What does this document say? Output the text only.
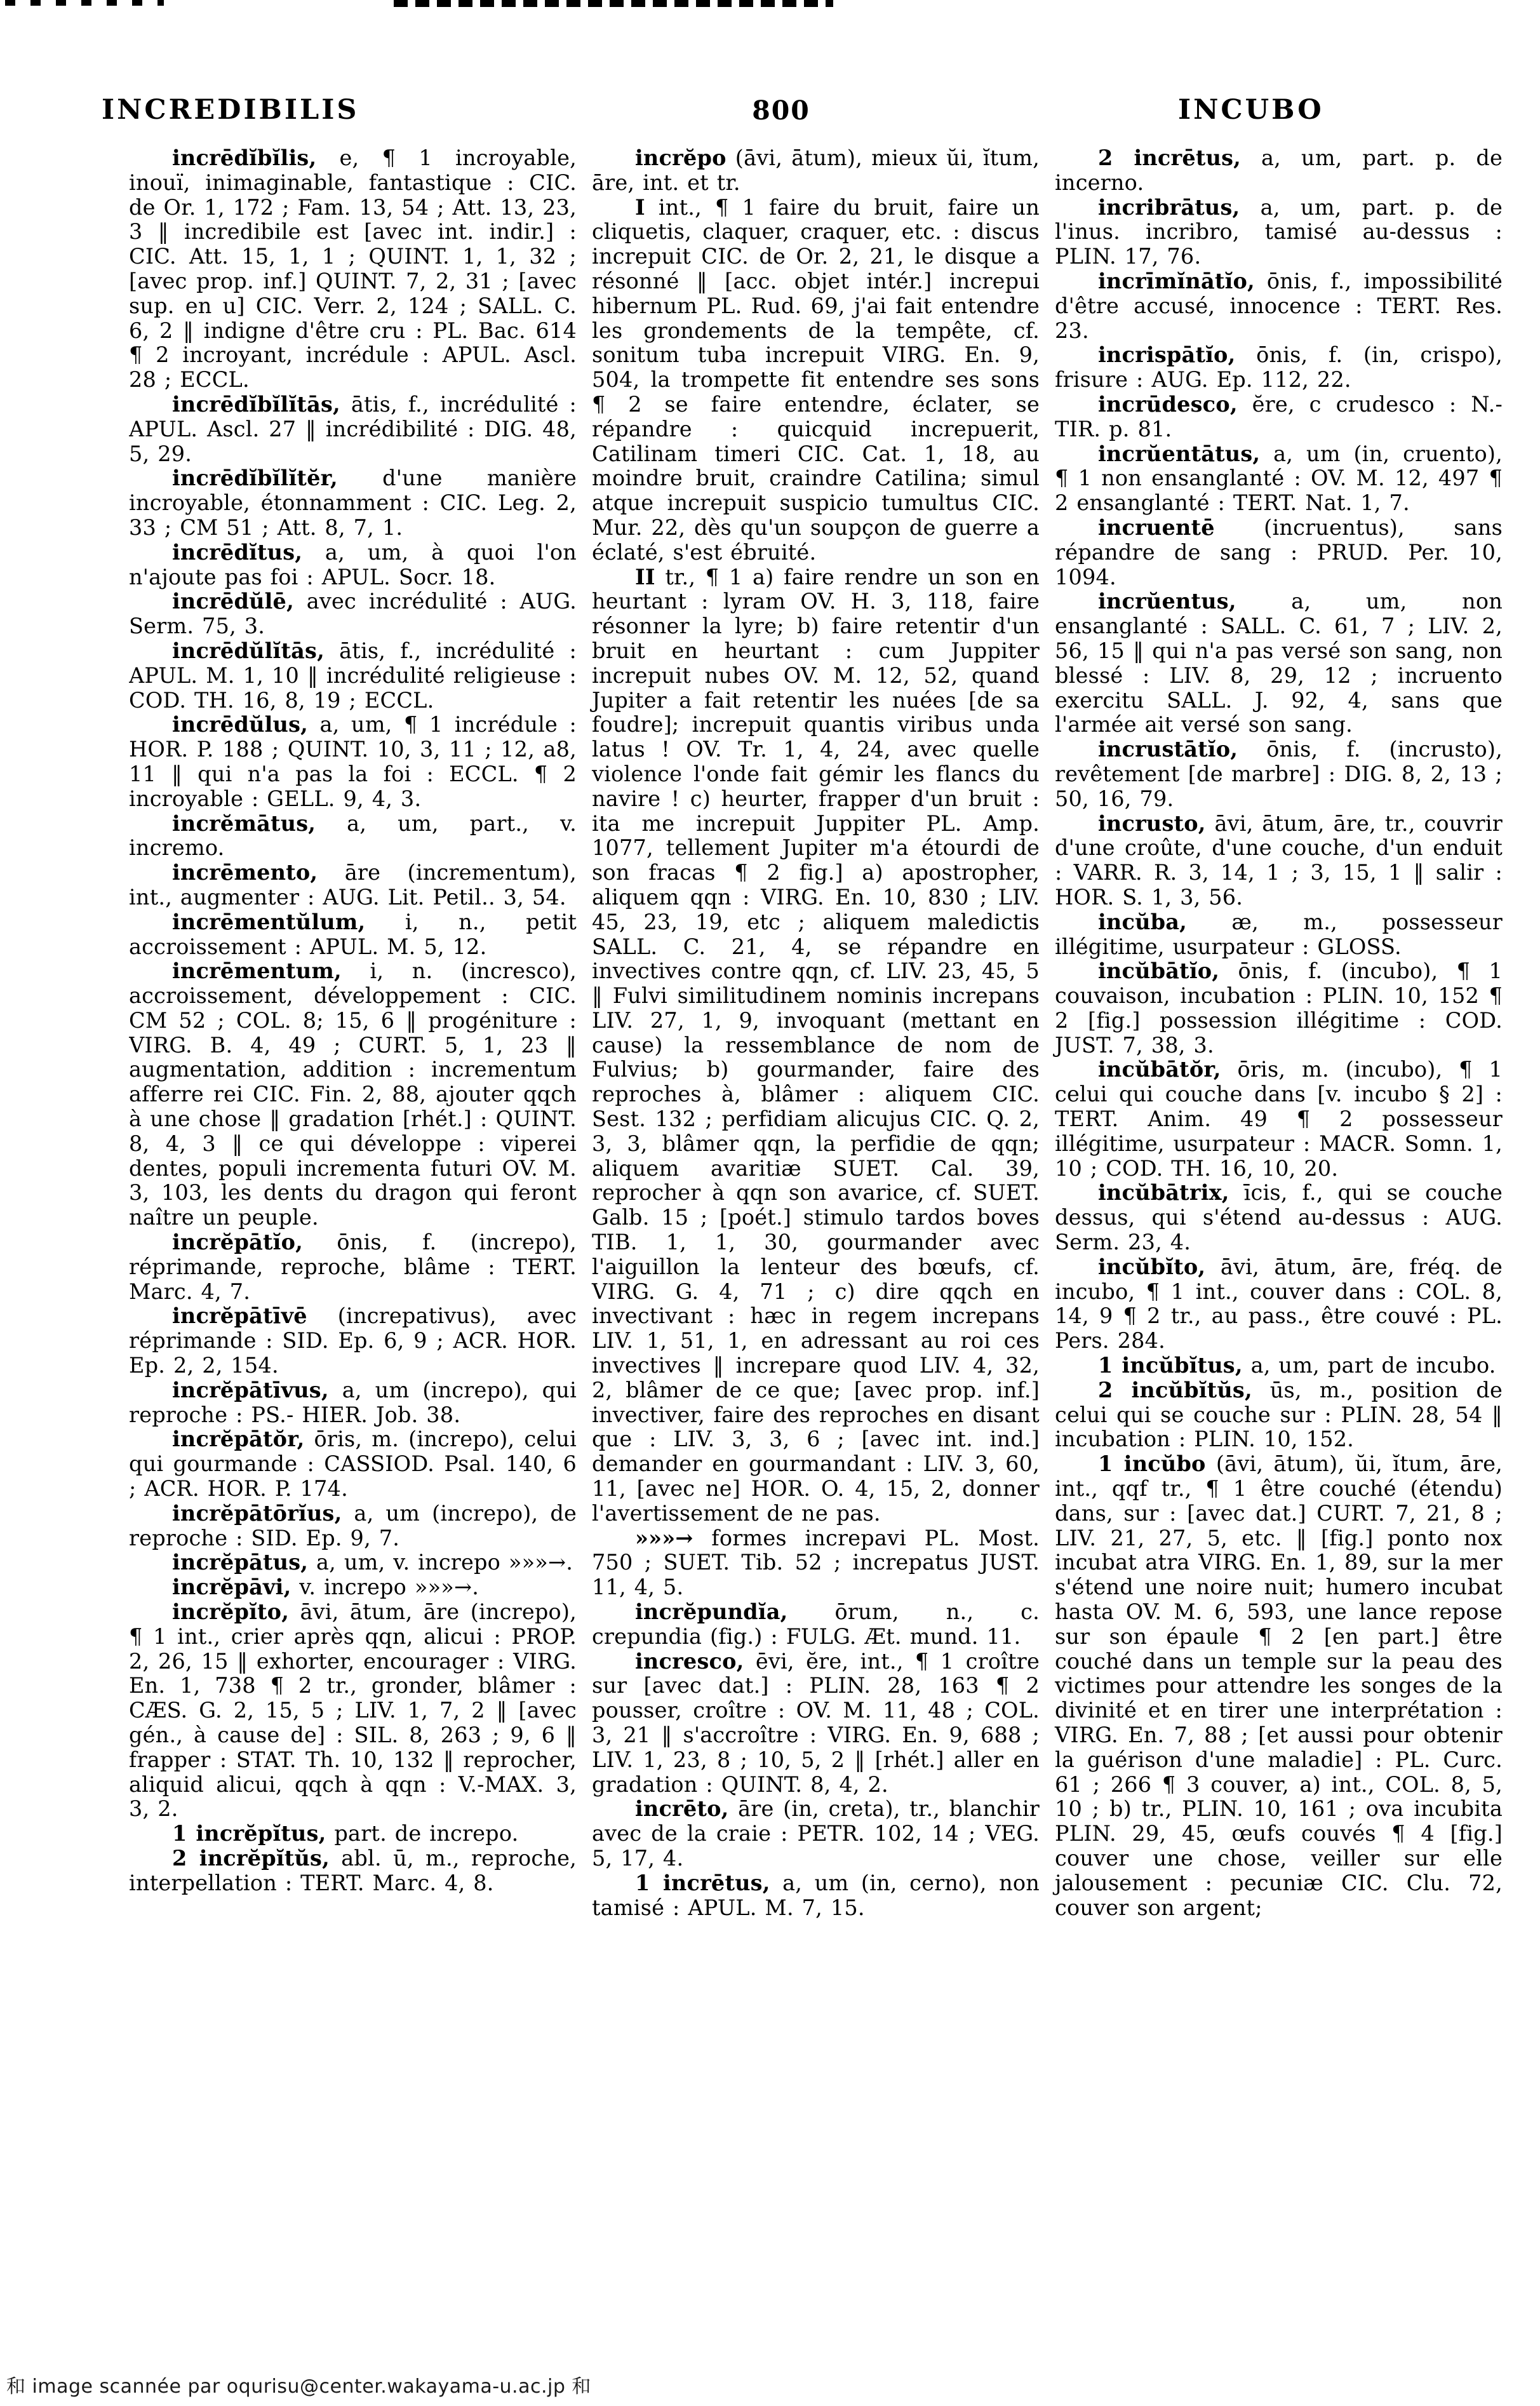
INCREDIBILIS	800	INCUBO

incrēdĭbĭlis, e, ¶ 1 incroyable, inouï, inimaginable, fantastique : CIC. de Or. 1, 172 ; Fam. 13, 54 ; Att. 13, 23, 3 ‖ incredibile est [avec int. indir.] : CIC. Att. 15, 1, 1 ; QUINT. 1, 1, 32 ; [avec prop. inf.] QUINT. 7, 2, 31 ; [avec sup. en u] CIC. Verr. 2, 124 ; SALL. C. 6, 2 ‖ indigne d'être cru : PL. Bac. 614 ¶ 2 incroyant, incrédule : APUL. Ascl. 28 ; ECCL.

incrēdĭbĭlĭtās, ātis, f., incrédulité : APUL. Ascl. 27 ‖ incrédibilité : DIG. 48, 5, 29.

incrēdĭbĭlĭtĕr, d'une manière incroyable, étonnamment : CIC. Leg. 2, 33 ; CM 51 ; Att. 8, 7, 1.

incrēdĭtus, a, um, à quoi l'on n'ajoute pas foi : APUL. Socr. 18.

incrēdŭlē, avec incrédulité : AUG. Serm. 75, 3.

incrēdŭlĭtās, ātis, f., incrédulité : APUL. M. 1, 10 ‖ incrédulité religieuse : COD. TH. 16, 8, 19 ; ECCL.

incrēdŭlus, a, um, ¶ 1 incrédule : HOR. P. 188 ; QUINT. 10, 3, 11 ; 12, a8, 11 ‖ qui n'a pas la foi : ECCL. ¶ 2 incroyable : GELL. 9, 4, 3.

incrĕmātus, a, um, part., v. incremo.

incrēmento, āre (incrementum), int., augmenter : AUG. Lit. Petil.. 3, 54.

incrēmentŭlum, i, n., petit accroissement : APUL. M. 5, 12.

incrēmentum, i, n. (incresco), accroissement, développement : CIC. CM 52 ; COL. 8; 15, 6 ‖ progéniture : VIRG. B. 4, 49 ; CURT. 5, 1, 23 ‖ augmentation, addition : incrementum afferre rei CIC. Fin. 2, 88, ajouter qqch à une chose ‖ gradation [rhét.] : QUINT. 8, 4, 3 ‖ ce qui développe : viperei dentes, populi incrementa futuri OV. M. 3, 103, les dents du dragon qui feront naître un peuple.

incrĕpātĭo, ōnis, f. (increpo), réprimande, reproche, blâme : TERT. Marc. 4, 7.

incrĕpātīvē (increpativus), avec réprimande : SID. Ep. 6, 9 ; ACR. HOR. Ep. 2, 2, 154.

incrĕpātīvus, a, um (increpo), qui reproche : PS.- HIER. Job. 38.

incrĕpātŏr, ōris, m. (increpo), celui qui gourmande : CASSIOD. Psal. 140, 6 ; ACR. HOR. P. 174.

incrĕpātōrĭus, a, um (increpo), de reproche : SID. Ep. 9, 7.

incrĕpātus, a, um, v. increpo »»»→.

incrĕpāvi, v. increpo »»»→.

incrĕpĭto, āvi, ātum, āre (increpo), ¶ 1 int., crier après qqn, alicui : PROP. 2, 26, 15 ‖ exhorter, encourager : VIRG. En. 1, 738 ¶ 2 tr., gronder, blâmer : CÆS. G. 2, 15, 5 ; LIV. 1, 7, 2 ‖ [avec gén., à cause de] : SIL. 8, 263 ; 9, 6 ‖ frapper : STAT. Th. 10, 132 ‖ reprocher, aliquid alicui, qqch à qqn : V.-MAX. 3, 3, 2.

1 incrĕpĭtus, part. de increpo.

2 incrĕpĭtŭs, abl. ū, m., reproche, interpellation : TERT. Marc. 4, 8.

incrĕpo (āvi, ātum), mieux ŭi, ĭtum, āre, int. et tr.

I int., ¶ 1 faire du bruit, faire un cliquetis, claquer, craquer, etc. : discus increpuit CIC. de Or. 2, 21, le disque a résonné ‖ [acc. objet intér.] increpui hibernum PL. Rud. 69, j'ai fait entendre les grondements de la tempête, cf. sonitum tuba increpuit VIRG. En. 9, 504, la trompette fit entendre ses sons ¶ 2 se faire entendre, éclater, se répandre : quicquid increpuerit, Catilinam timeri CIC. Cat. 1, 18, au moindre bruit, craindre Catilina; simul atque increpuit suspicio tumultus CIC. Mur. 22, dès qu'un soupçon de guerre a éclaté, s'est ébruité.

II tr., ¶ 1 a) faire rendre un son en heurtant : lyram OV. H. 3, 118, faire résonner la lyre; b) faire retentir d'un bruit en heurtant : cum Juppiter increpuit nubes OV. M. 12, 52, quand Jupiter a fait retentir les nuées [de sa foudre]; increpuit quantis viribus unda latus ! OV. Tr. 1, 4, 24, avec quelle violence l'onde fait gémir les flancs du navire ! c) heurter, frapper d'un bruit : ita me increpuit Juppiter PL. Amp. 1077, tellement Jupiter m'a étourdi de son fracas ¶ 2 fig.] a) apostropher, aliquem qqn : VIRG. En. 10, 830 ; LIV. 45, 23, 19, etc ; aliquem maledictis SALL. C. 21, 4, se répandre en invectives contre qqn, cf. LIV. 23, 45, 5 ‖ Fulvi similitudinem nominis increpans LIV. 27, 1, 9, invoquant (mettant en cause) la ressemblance de nom de Fulvius; b) gourmander, faire des reproches à, blâmer : aliquem CIC. Sest. 132 ; perfidiam alicujus CIC. Q. 2, 3, 3, blâmer qqn, la perfidie de qqn; aliquem avaritiæ SUET. Cal. 39, reprocher à qqn son avarice, cf. SUET. Galb. 15 ; [poét.] stimulo tardos boves TIB. 1, 1, 30, gourmander avec l'aiguillon la lenteur des bœufs, cf. VIRG. G. 4, 71 ; c) dire qqch en invectivant : hæc in regem increpans LIV. 1, 51, 1, en adressant au roi ces invectives ‖ increpare quod LIV. 4, 32, 2, blâmer de ce que; [avec prop. inf.] invectiver, faire des reproches en disant que : LIV. 3, 3, 6 ; [avec int. ind.] demander en gourmandant : LIV. 3, 60, 11, [avec ne] HOR. O. 4, 15, 2, donner l'avertissement de ne pas.

»»»→ formes increpavi PL. Most. 750 ; SUET. Tib. 52 ; increpatus JUST. 11, 4, 5.

incrĕpundĭa, ōrum, n., c. crepundia (fig.) : FULG. Æt. mund. 11.

incresco, ēvi, ĕre, int., ¶ 1 croître sur [avec dat.] : PLIN. 28, 163 ¶ 2 pousser, croître : OV. M. 11, 48 ; COL. 3, 21 ‖ s'accroître : VIRG. En. 9, 688 ; LIV. 1, 23, 8 ; 10, 5, 2 ‖ [rhét.] aller en gradation : QUINT. 8, 4, 2.

incrēto, āre (in, creta), tr., blanchir avec de la craie : PETR. 102, 14 ; VEG. 5, 17, 4.

1 incrētus, a, um (in, cerno), non tamisé : APUL. M. 7, 15.

2 incrētus, a, um, part. p. de incerno.

incribrātus, a, um, part. p. de l'inus. incribro, tamisé au-dessus : PLIN. 17, 76.

incrīmĭnātĭo, ōnis, f., impossibilité d'être accusé, innocence : TERT. Res. 23.

incrispātĭo, ōnis, f. (in, crispo), frisure : AUG. Ep. 112, 22.

incrūdesco, ĕre, c crudesco : N.-TIR. p. 81.

incrŭentātus, a, um (in, cruento), ¶ 1 non ensanglanté : OV. M. 12, 497 ¶ 2 ensanglanté : TERT. Nat. 1, 7.

incruentē (incruentus), sans répandre de sang : PRUD. Per. 10, 1094.

incrŭentus, a, um, non ensanglanté : SALL. C. 61, 7 ; LIV. 2, 56, 15 ‖ qui n'a pas versé son sang, non blessé : LIV. 8, 29, 12 ; incruento exercitu SALL. J. 92, 4, sans que l'armée ait versé son sang.

incrustātĭo, ōnis, f. (incrusto), revêtement [de marbre] : DIG. 8, 2, 13 ; 50, 16, 79.

incrusto, āvi, ātum, āre, tr., couvrir d'une croûte, d'une couche, d'un enduit : VARR. R. 3, 14, 1 ; 3, 15, 1 ‖ salir : HOR. S. 1, 3, 56.

incŭba, æ, m., possesseur illégitime, usurpateur : GLOSS.

incŭbātĭo, ōnis, f. (incubo), ¶ 1 couvaison, incubation : PLIN. 10, 152 ¶ 2 [fig.] possession illégitime : COD. JUST. 7, 38, 3.

incŭbātŏr, ōris, m. (incubo), ¶ 1 celui qui couche dans [v. incubo § 2] : TERT. Anim. 49 ¶ 2 possesseur illégitime, usurpateur : MACR. Somn. 1, 10 ; COD. TH. 16, 10, 20.

incŭbātrix, īcis, f., qui se couche dessus, qui s'étend au-dessus : AUG. Serm. 23, 4.

incŭbĭto, āvi, ātum, āre, fréq. de incubo, ¶ 1 int., couver dans : COL. 8, 14, 9 ¶ 2 tr., au pass., être couvé : PL. Pers. 284.

1 incŭbĭtus, a, um, part de incubo.

2 incŭbĭtŭs, ūs, m., position de celui qui se couche sur : PLIN. 28, 54 ‖ incubation : PLIN. 10, 152.

1 incŭbo (āvi, ātum), ŭi, ĭtum, āre, int., qqf tr., ¶ 1 être couché (étendu) dans, sur : [avec dat.] CURT. 7, 21, 8 ; LIV. 21, 27, 5, etc. ‖ [fig.] ponto nox incubat atra VIRG. En. 1, 89, sur la mer s'étend une noire nuit; humero incubat hasta OV. M. 6, 593, une lance repose sur son épaule ¶ 2 [en part.] être couché dans un temple sur la peau des victimes pour attendre les songes de la divinité et en tirer une interprétation : VIRG. En. 7, 88 ; [et aussi pour obtenir la guérison d'une maladie] : PL. Curc. 61 ; 266 ¶ 3 couver, a) int., COL. 8, 5, 10 ; b) tr., PLIN. 10, 161 ; ova incubita PLIN. 29, 45, œufs couvés ¶ 4 [fig.] couver une chose, veiller sur elle jalousement : pecuniæ CIC. Clu. 72, couver son argent;

和 image scannée par oqurisu@center.wakayama-u.ac.jp 和
